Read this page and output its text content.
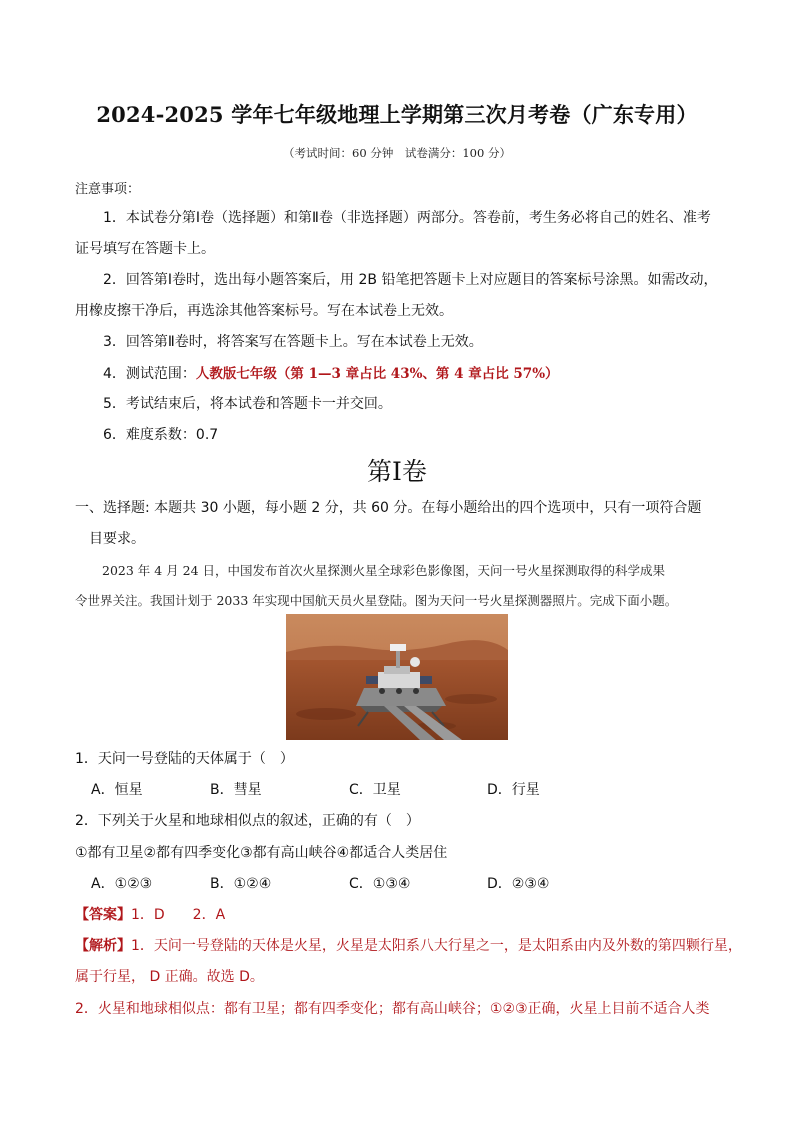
2024-2025 学年七年级地理上学期第三次月考卷（广东专用）
（考试时间：60 分钟　试卷满分：100 分）
注意事项：
1．本试卷分第Ⅰ卷（选择题）和第Ⅱ卷（非选择题）两部分。答卷前，考生务必将自己的姓名、准考
证号填写在答题卡上。
2．回答第Ⅰ卷时，选出每小题答案后，用 2B 铅笔把答题卡上对应题目的答案标号涂黑。如需改动，
用橡皮擦干净后，再选涂其他答案标号。写在本试卷上无效。
3．回答第Ⅱ卷时，将答案写在答题卡上。写在本试卷上无效。
4．测试范围：人教版七年级（第 1—3 章占比 43%、第 4 章占比 57%）
5．考试结束后，将本试卷和答题卡一并交回。
6．难度系数：0.7
第Ⅰ卷
一、选择题: 本题共 30 小题，每小题 2 分，共 60 分。在每小题给出的四个选项中，只有一项符合题
目要求。
2023 年 4 月 24 日，中国发布首次火星探测火星全球彩色影像图，天问一号火星探测取得的科学成果
令世界关注。我国计划于 2033 年实现中国航天员火星登陆。图为天问一号火星探测器照片。完成下面小题。
1．天问一号登陆的天体属于（　）
A．恒星	B．彗星	C．卫星	D．行星
2．下列关于火星和地球相似点的叙述，正确的有（　）
①都有卫星②都有四季变化③都有高山峡谷④都适合人类居住
A．①②③	B．①②④	C．①③④	D．②③④
【答案】1．D　　2．A
【解析】1．天问一号登陆的天体是火星，火星是太阳系八大行星之一，是太阳系由内及外数的第四颗行星，
属于行星， D 正确。故选 D。
2．火星和地球相似点：都有卫星；都有四季变化；都有高山峡谷；①②③正确，火星上目前不适合人类
